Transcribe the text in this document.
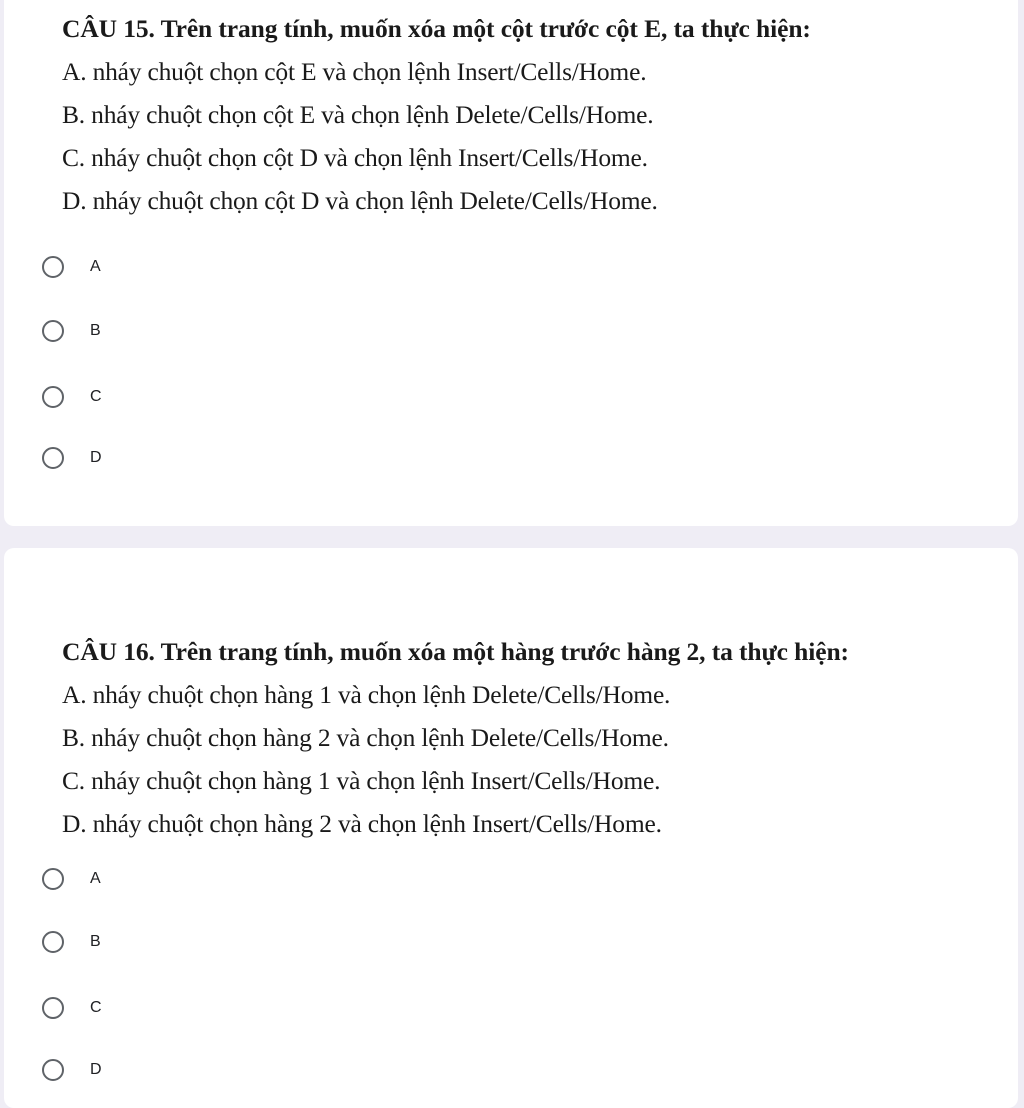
CÂU 15. Trên trang tính, muốn xóa một cột trước cột E, ta thực hiện:
A. nháy chuột chọn cột E và chọn lệnh Insert/Cells/Home.
B. nháy chuột chọn cột E và chọn lệnh Delete/Cells/Home.
C. nháy chuột chọn cột D và chọn lệnh Insert/Cells/Home.
D. nháy chuột chọn cột D và chọn lệnh Delete/Cells/Home.
A
B
C
D
CÂU 16. Trên trang tính, muốn xóa một hàng trước hàng 2, ta thực hiện:
A. nháy chuột chọn hàng 1 và chọn lệnh Delete/Cells/Home.
B. nháy chuột chọn hàng 2 và chọn lệnh Delete/Cells/Home.
C. nháy chuột chọn hàng 1 và chọn lệnh Insert/Cells/Home.
D. nháy chuột chọn hàng 2 và chọn lệnh Insert/Cells/Home.
A
B
C
D
